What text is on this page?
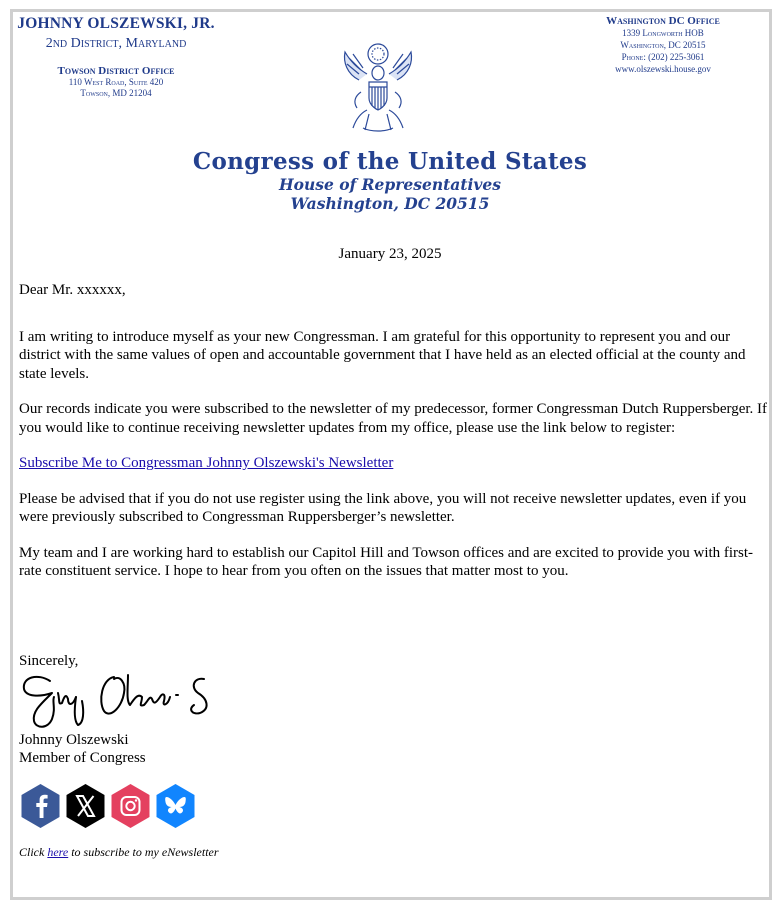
JOHNNY OLSZEWSKI, JR.
2nd District, Maryland
Towson District Office
110 West Road, Suite 420
Towson, MD 21204
Washington DC Office
1339 Longworth HOB
Washington, DC 20515
Phone: (202) 225-3061
www.olszewski.house.gov
Congress of the United States
House of Representatives
Washington, DC 20515
January 23, 2025

Dear Mr. xxxxxx,

I am writing to introduce myself as your new Congressman. I am grateful for this opportunity to represent you and our district with the same values of open and accountable government that I have held as an elected official at the county and state levels.

Our records indicate you were subscribed to the newsletter of my predecessor, former Congressman Dutch Ruppersberger. If you would like to continue receiving newsletter updates from my office, please use the link below to register:

Subscribe Me to Congressman Johnny Olszewski's Newsletter

Please be advised that if you do not use register using the link above, you will not receive newsletter updates, even if you were previously subscribed to Congressman Ruppersberger’s newsletter.

My team and I are working hard to establish our Capitol Hill and Towson offices and are excited to provide you with first-rate constituent service. I hope to hear from you often on the issues that matter most to you.

Sincerely,
Johnny Olszewski
Member of Congress
Click here to subscribe to my eNewsletter
